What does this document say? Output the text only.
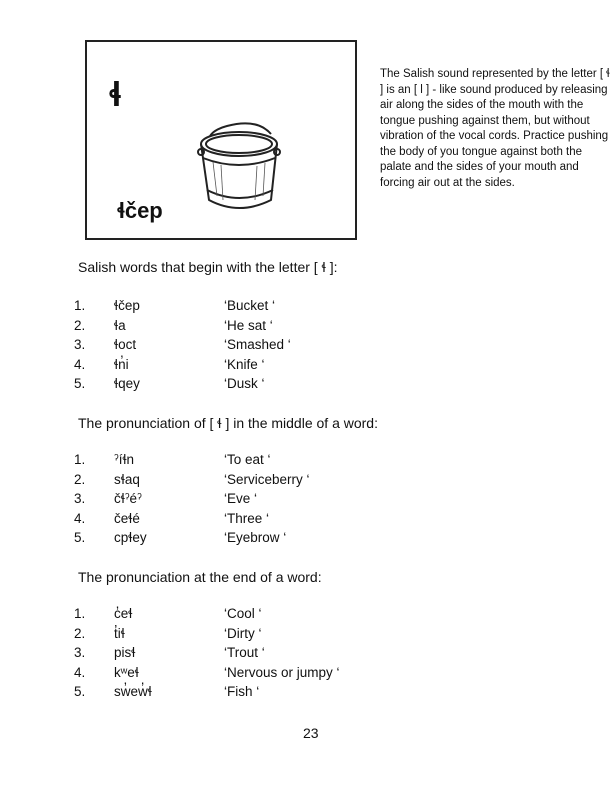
ɬ
ɬčep
The Salish sound represented by the letter [ ɬ ] is an [ l ] - like sound produced by releasing air along the sides of the mouth with the tongue pushing against them, but without vibration of the vocal cords. Practice pushing the body of you tongue against both the palate and the sides of your mouth and forcing air out at the sides.
Salish words that begin with the letter [ ɬ ]:
1.	ɬčep	‘Bucket ‘
2.	ɬa	‘He sat ‘
3.	ɬoct	‘Smashed ‘
4.	ɬn̓i	‘Knife ‘
5.	ɬqey	‘Dusk ‘
The pronunciation of [ ɬ ] in the middle of a word:
1.	ˀíɬn	‘To eat ‘
2.	sɬaq	‘Serviceberry ‘
3.	čɬˀéˀ	‘Eve ‘
4.	čeɬé	‘Three ‘
5.	cpɬey	‘Eyebrow ‘
The pronunciation at the end of a word:
1.	c̓eɬ	‘Cool ‘
2.	t̓iɬ	‘Dirty ‘
3.	pisɬ	‘Trout ‘
4.	kʷeɬ	‘Nervous or jumpy ‘
5.	sw̓ew̓ɬ	‘Fish ‘
23
